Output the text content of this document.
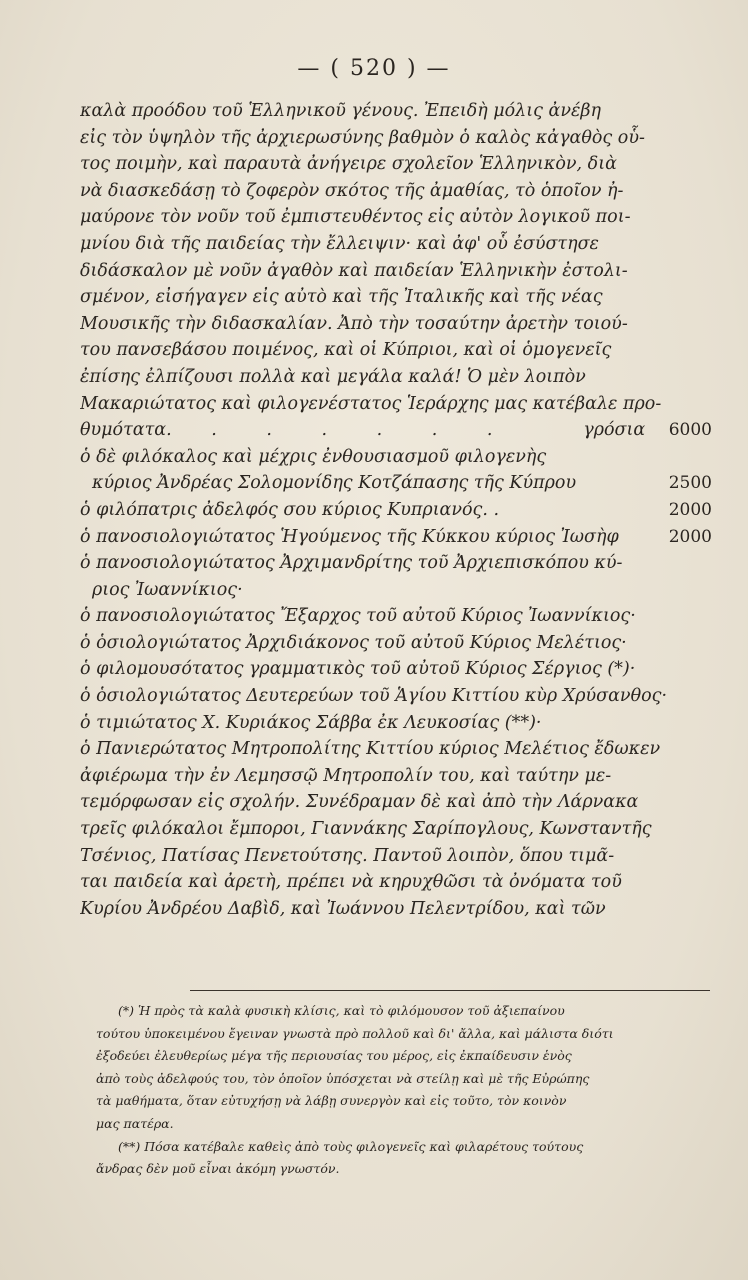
— ( 520 ) —
καλὰ προόδου τοῦ Ἑλληνικοῦ γένους. Ἐπειδὴ μόλις ἀνέβη
εἰς τὸν ὑψηλὸν τῆς ἀρχιερωσύνης βαθμὸν ὁ καλὸς κἀγαθὸς οὗ-
τος ποιμὴν, καὶ παραυτὰ ἀνήγειρε σχολεῖον Ἑλληνικὸν, διὰ
νὰ διασκεδάσῃ τὸ ζοφερὸν σκότος τῆς ἀμαθίας, τὸ ὁποῖον ἠ-
μαύρονε τὸν νοῦν τοῦ ἐμπιστευθέντος εἰς αὐτὸν λογικοῦ ποι-
μνίου διὰ τῆς παιδείας τὴν ἔλλειψιν· καὶ ἀφ' οὗ ἐσύστησε
διδάσκαλον μὲ νοῦν ἀγαθὸν καὶ παιδείαν Ἑλληνικὴν ἐστολι-
σμένον, εἰσήγαγεν εἰς αὐτὸ καὶ τῆς Ἰταλικῆς καὶ τῆς νέας
Μουσικῆς τὴν διδασκαλίαν. Ἀπὸ τὴν τοσαύτην ἀρετὴν τοιού-
του πανσεβάσου ποιμένος, καὶ οἱ Κύπριοι, καὶ οἱ ὁμογενεῖς
ἐπίσης ἐλπίζουσι πολλὰ καὶ μεγάλα καλά! Ὁ μὲν λοιπὸν
Μακαριώτατος καὶ φιλογενέστατος Ἱεράρχης μας κατέβαλε προ-
θυμότατα. . . . . . .	γρόσια 6000
ὁ δὲ φιλόκαλος καὶ μέχρις ἐνθουσιασμοῦ φιλογενὴς
κύριος Ἀνδρέας Σολομονίδης Κοτζάπασης τῆς Κύπρου	2500
ὁ φιλόπατρις ἀδελφός σου κύριος Κυπριανός. .	2000
ὁ πανοσιολογιώτατος Ἡγούμενος τῆς Κύκκου κύριος Ἰωσὴφ	2000
ὁ πανοσιολογιώτατος Ἀρχιμανδρίτης τοῦ Ἀρχιεπισκόπου κύ-
ριος Ἰωαννίκιος·
ὁ πανοσιολογιώτατος Ἔξαρχος τοῦ αὐτοῦ Κύριος Ἰωαννίκιος·
ὁ ὁσιολογιώτατος Ἀρχιδιάκονος τοῦ αὐτοῦ Κύριος Μελέτιος·
ὁ φιλομουσότατος γραμματικὸς τοῦ αὐτοῦ Κύριος Σέργιος (*)·
ὁ ὁσιολογιώτατος Δευτερεύων τοῦ Ἁγίου Κιττίου κὺρ Χρύσανθος·
ὁ τιμιώτατος Χ. Κυριάκος Σάββα ἐκ Λευκοσίας (**)·
ὁ Πανιερώτατος Μητροπολίτης Κιττίου κύριος Μελέτιος ἔδωκεν
ἀφιέρωμα τὴν ἐν Λεμησσῷ Μητροπολίν του, καὶ ταύτην με-
τεμόρφωσαν εἰς σχολήν. Συνέδραμαν δὲ καὶ ἀπὸ τὴν Λάρνακα
τρεῖς φιλόκαλοι ἔμποροι, Γιαννάκης Σαρίπογλους, Κωνσταντῆς
Τσένιος, Πατίσας Πενετούτσης. Παντοῦ λοιπὸν, ὅπου τιμᾶ-
ται παιδεία καὶ ἀρετὴ, πρέπει νὰ κηρυχθῶσι τὰ ὀνόματα τοῦ
Κυρίου Ἀνδρέου Δαβὶδ, καὶ Ἰωάννου Πελεντρίδου, καὶ τῶν
(*) Ἡ πρὸς τὰ καλὰ φυσικὴ κλίσις, καὶ τὸ φιλόμουσον τοῦ ἀξιεπαίνου
τούτου ὑποκειμένου ἔγειναν γνωστὰ πρὸ πολλοῦ καὶ δι' ἄλλα, καὶ μάλιστα διότι
ἐξοδεύει ἐλευθερίως μέγα τῆς περιουσίας του μέρος, εἰς ἐκπαίδευσιν ἑνὸς
ἀπὸ τοὺς ἀδελφούς του, τὸν ὁποῖον ὑπόσχεται νὰ στείλῃ καὶ μὲ τῆς Εὐρώπης
τὰ μαθήματα, ὅταν εὐτυχήσῃ νὰ λάβῃ συνεργὸν καὶ εἰς τοῦτο, τὸν κοινὸν
μας πατέρα.
(**) Πόσα κατέβαλε καθεὶς ἀπὸ τοὺς φιλογενεῖς καὶ φιλαρέτους τούτους
ἄνδρας δὲν μοῦ εἶναι ἀκόμη γνωστόν.
